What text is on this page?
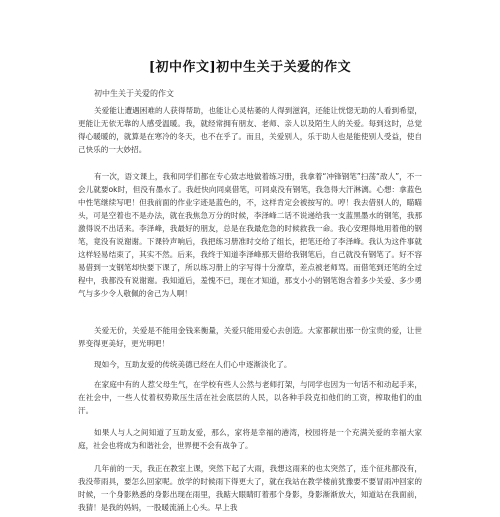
[初中作文]初中生关于关爱的作文
初中生关于关爱的作文

关爱能让遭遇困难的人获得帮助，也能让心灵枯萎的人得到滋润，还能让恍惚无助的人看到希望，更能让无依无靠的人感受温暖。我，就经常拥有朋友、老师、亲人以及陌生人的关爱。每到这时，总觉得心暖暖的，就算是在寒冷的冬天，也不在乎了。而且，关爱别人，乐于助人也是能使别人受益，使自己快乐的一大妙招。

有一次，语文课上，我和同学们都在专心致志地做着练习册，我拿着“冲锋钢笔”扫荡“敌人”，不一会儿就要ok时，但没有墨水了。我赶快向同桌借笔，可同桌没有钢笔，我急得大汗淋漓。心想：拿蓝色中性笔继续写吧！但我前面的作业字迹是蓝色的，不，这样肯定会被按写的。哼！我去借别人的，瞄瞄头，可是空着也不是办法，就在我焦急万分的时候，李泽峰二话不说递给我一支蓝黑墨水的钢笔，我那激得说不出话来。李泽峰，我最好的朋友，总是在我最危急的时候救我一命。我心安理得地用着他的钢笔，竟没有说谢谢。下课铃声响后，我把练习册准时交给了组长，把笔还给了李泽峰。我认为这件事就这样轻易结束了，其实不然。后来，我终于知道李泽峰那天借给我钢笔后，自己就没有钢笔了。好不容易借到一支钢笔却快要下课了，所以练习册上的字写得十分潦草，差点被老师骂。而借笔到还笔的全过程中，我都没有说谢谢。我知道后，羞愧不已，现在才知道，那支小小的钢笔饱含着多少关爱、多少勇气与多少令人敬佩的舍己为人啊！

关爱无价，关爱是不能用金钱来衡量，关爱只能用爱心去创造。大家都献出那一份宝贵的爱，让世界变得更美好，更光明吧！

现如今，互助友爱的传统美德已经在人们心中逐渐淡化了。

在家庭中有的人惹父母生气，在学校有些人公然与老师打架，与同学也因为一句话不和动起手来，在社会中，一些人仗着权势欺压生活在社会底层的人民，以各种手段克扣他们的工资，榨取他们的血汗。

如果人与人之间知道了互助友爱，那么，家将是幸福的港湾，校园将是一个充满关爱的幸福大家庭，社会也将成为和谐社会，世界便不会有战争了。

几年前的一天，我正在教室上课，突然下起了大雨，我想这雨来的也太突然了，连个征兆都没有，我没带雨具，要怎么回家呢。放学的时候雨下得更大了，就在我站在教学楼前犹豫要不要冒雨冲回家的时候，一个身影熟悉的身影出现在雨里，我踮大眼睛盯着那个身影，身影渐渐放大，知道站在我面前，我猜！是我的妈妈，一股暖流涌上心头。早上我
